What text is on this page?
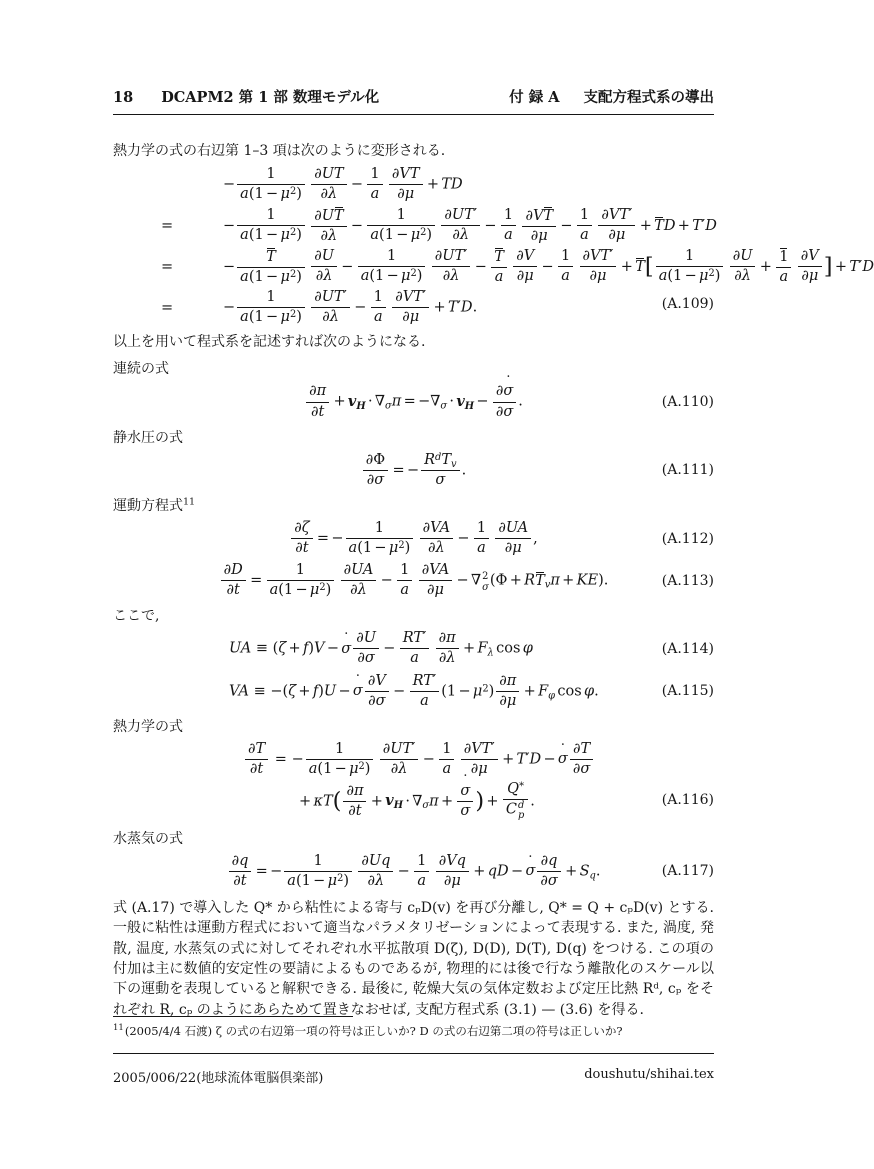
18 DCAPM2 第 1 部 数理モデル化	付 録 A 支配方程式系の導出

熱力学の式の右辺第 1–3 項は次のように変形される.

− $\frac{1}{a(1 - \mu^2)} \frac{\partial UT}{\partial\lambda} - \frac{1}{a} \frac{\partial VT}{\partial\mu}$ + TD
=	− $\frac{1}{a(1 - \mu^2)} \frac{\partial UT}{\partial\lambda} - \frac{1}{a(1 - \mu^2)} \frac{\partial UT'}{\partial\lambda} - \frac{1}{a} \frac{\partial VT}{\partial\mu} - \frac{1}{a} \frac{\partial VT'}{\partial\mu}$ + TD + T′D
=	− $\frac{T}{a(1 - \mu^2)} \frac{\partial U}{\partial\lambda} - \frac{1}{a(1 - \mu^2)} \frac{\partial UT'}{\partial\lambda} - \frac{T}{a} \frac{\partial V}{\partial\mu} - \frac{1}{a} \frac{\partial VT'}{\partial\mu} + T[ \frac{1}{a(1 - \mu^2)} \frac{\partial U}{\partial\lambda} + \frac{1}{a} \frac{\partial V}{\partial\mu}$ ] + T′D
=	− $\frac{1}{a(1 - \mu^2)} \frac{\partial UT'}{\partial\lambda} - \frac{1}{a} \frac{\partial VT'}{\partial\mu} + T'D$.	(A.109)

以上を用いて程式系を記述すれば次のようになる.

連続の式

$\frac{\partial\pi}{\partial t}$ + vH · ∇σπ = −∇σ · vH − $\frac{\partial˙ \sigma}{\partial\sigma}$ .	(A.110)

静水圧の式

$\frac{\partial\Phi}{\partial\sigma}$ = −
$R^dTv$
σ
.	(A.111)

運動方程式$^{11}$

$\frac{\partial\zeta}{\partial t}$ = − $\frac{1}{a(1 - \mu^2)} \frac{\partial VA}{\partial\lambda} - \frac{1}{a} \frac{\partial UA}{\partial\mu}$ ,	(A.112)
$\frac{\partial D}{\partial t} = \frac{1}{a(1 - \mu^2)} \frac{\partial UA}{\partial\lambda} - \frac{1}{a} \frac{\partial VA}{\partial\mu}$ − ∇ 2
σ (Φ + RTvπ + KE).	(A.113)

ここで,

UA ≡ (ζ + f)V − ˙ σ $\frac{\partial U}{\partial\sigma} - \frac{RT'}{a} \frac{\partial\pi}{\partial\lambda} + F\lambda$ cos φ	(A.114)
VA ≡ −(ζ + f)U − ˙ σ $\frac{\partial V}{\partial\sigma} - \frac{RT'}{a} (1 - \mu^2) \frac{\partial\pi}{\partial\mu} + F\varphi$ cos φ.	(A.115)

熱力学の式

$\frac{\partial T}{\partial t}$ = − $\frac{1}{a(1 - \mu^2)} \frac{\partial UT'}{\partial\lambda} - \frac{1}{a} \frac{\partial VT'}{\partial\mu} + T'D$ − ˙ σ $\frac{\partial T}{\partial\sigma}$
+ $\kappa T( \frac{\partial\pi}{\partial t}$ + vH · ∇σπ + ˙ $\frac{\sigma}{\sigma}$ ) +
Q*
C d
p
.	(A.116)

水蒸気の式

$\frac{\partial q}{\partial t}$ = − $\frac{1}{a(1 - \mu^2)} \frac{\partial Uq}{\partial\lambda} - \frac{1}{a} \frac{\partial Vq}{\partial\mu}$ + qD − ˙ σ $\frac{\partial q}{\partial\sigma} + Sq$.	(A.117)

式 (A.17) で導入した Q* から粘性による寄与 cₚD(v) を再び分離し, Q* = Q + cₚD(v) とする. 一般に粘性は運動方程式において適当なパラメタリゼーションによって表現する. また, 渦度, 発散, 温度, 水蒸気の式に対してそれぞれ水平拡散項 D(ζ), D(D), D(T), D(q) をつける. この項の付加は主に数値的安定性の要請によるものであるが, 物理的には後で行なう離散化のスケール以下の運動を表現していると解釈できる. 最後に, 乾燥大気の気体定数および定圧比熱 Rᵈ, cₚ をそれぞれ R, cₚ のようにあらためて置きなおせば, 支配方程式系 (3.1) — (3.6) を得る.

$^{11}$(2005/4/4 石渡) ζ の式の右辺第一項の符号は正しいか? D の式の右辺第二項の符号は正しいか?

2005/006/22(地球流体電脳倶楽部)	doushutu/shihai.tex
